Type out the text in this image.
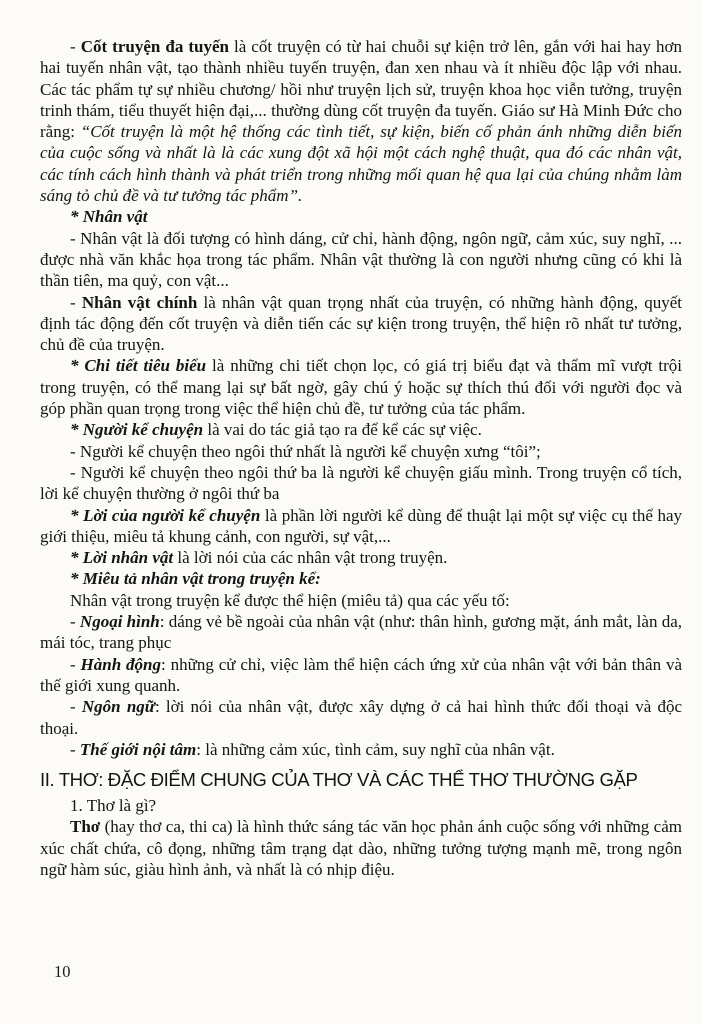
- Cốt truyện đa tuyến là cốt truyện có từ hai chuỗi sự kiện trở lên, gắn với hai hay hơn hai tuyến nhân vật, tạo thành nhiều tuyến truyện, đan xen nhau và ít nhiều độc lập với nhau. Các tác phẩm tự sự nhiều chương/ hồi như truyện lịch sử, truyện khoa học viễn tưởng, truyện trinh thám, tiểu thuyết hiện đại,... thường dùng cốt truyện đa tuyến. Giáo sư Hà Minh Đức cho rằng: “Cốt truyện là một hệ thống các tình tiết, sự kiện, biến cố phản ánh những diễn biến của cuộc sống và nhất là là các xung đột xã hội một cách nghệ thuật, qua đó các nhân vật, các tính cách hình thành và phát triển trong những mối quan hệ qua lại của chúng nhằm làm sáng tỏ chủ đề và tư tưởng tác phẩm”.

* Nhân vật

- Nhân vật là đối tượng có hình dáng, cử chỉ, hành động, ngôn ngữ, cảm xúc, suy nghĩ, ... được nhà văn khắc họa trong tác phẩm. Nhân vật thường là con người nhưng cũng có khi là thần tiên, ma quỷ, con vật...

- Nhân vật chính là nhân vật quan trọng nhất của truyện, có những hành động, quyết định tác động đến cốt truyện và diễn tiến các sự kiện trong truyện, thể hiện rõ nhất tư tưởng, chủ đề của truyện.

* Chi tiết tiêu biểu là những chi tiết chọn lọc, có giá trị biểu đạt và thẩm mĩ vượt trội trong truyện, có thể mang lại sự bất ngờ, gây chú ý hoặc sự thích thú đối với người đọc và góp phần quan trọng trong việc thể hiện chủ đề, tư tưởng của tác phẩm.

* Người kể chuyện là vai do tác giả tạo ra để kể các sự việc.

- Người kể chuyện theo ngôi thứ nhất là người kể chuyện xưng “tôi”;

- Người kể chuyện theo ngôi thứ ba là người kể chuyện giấu mình. Trong truyện cổ tích, lời kể chuyện thường ở ngôi thứ ba

* Lời của người kể chuyện là phần lời người kể dùng để thuật lại một sự việc cụ thể hay giới thiệu, miêu tả khung cảnh, con người, sự vật,...

* Lời nhân vật là lời nói của các nhân vật trong truyện.

* Miêu tả nhân vật trong truyện kể:

Nhân vật trong truyện kể được thể hiện (miêu tả) qua các yếu tố:

- Ngoại hình: dáng vẻ bề ngoài của nhân vật (như: thân hình, gương mặt, ánh mắt, làn da, mái tóc, trang phục

- Hành động: những cử chỉ, việc làm thể hiện cách ứng xử của nhân vật với bản thân và thế giới xung quanh.

- Ngôn ngữ: lời nói của nhân vật, được xây dựng ở cả hai hình thức đối thoại và độc thoại.

- Thế giới nội tâm: là những cảm xúc, tình cảm, suy nghĩ của nhân vật.

II. THƠ: ĐẶC ĐIỂM CHUNG CỦA THƠ VÀ CÁC THỂ THƠ THƯỜNG GẶP

1. Thơ là gì?

Thơ (hay thơ ca, thi ca) là hình thức sáng tác văn học phản ánh cuộc sống với những cảm xúc chất chứa, cô đọng, những tâm trạng dạt dào, những tưởng tượng mạnh mẽ, trong ngôn ngữ hàm súc, giàu hình ảnh, và nhất là có nhịp điệu.

10
